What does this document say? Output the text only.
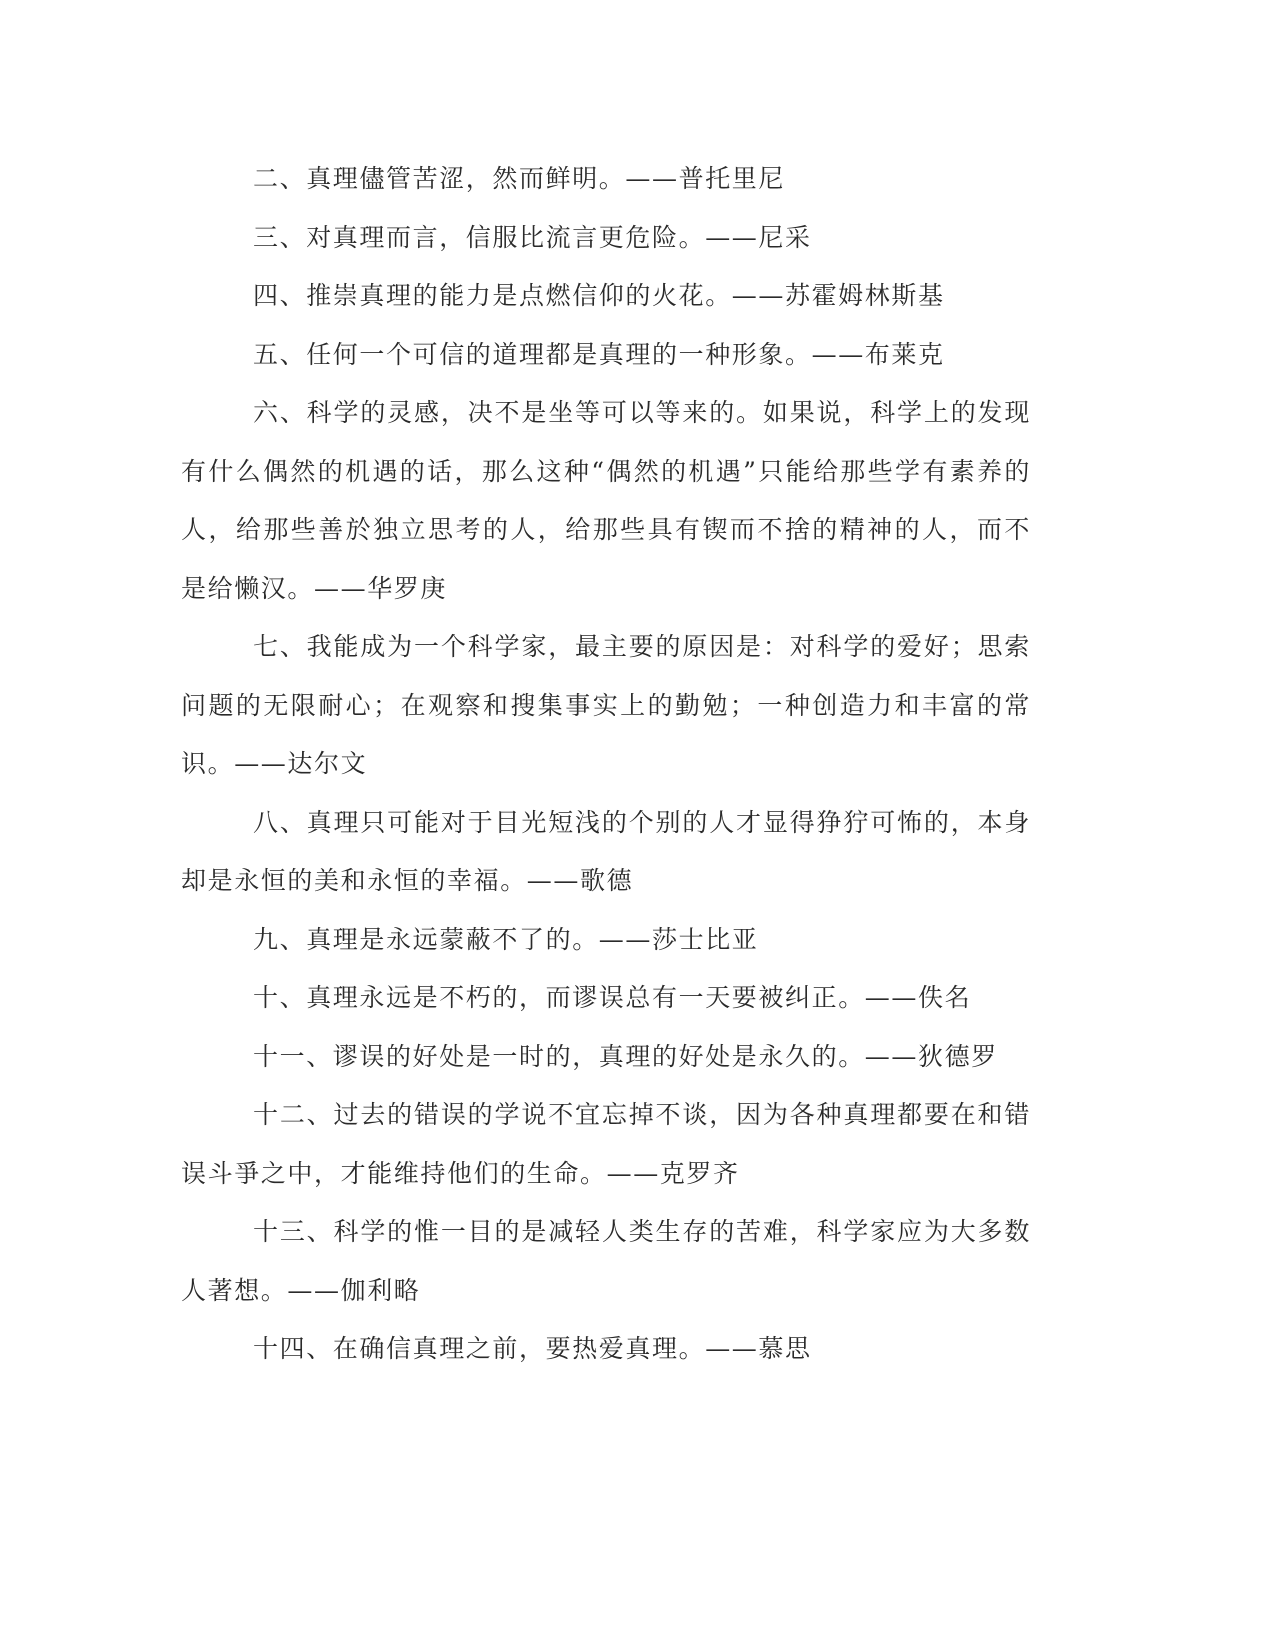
二、真理儘管苦涩，然而鲜明。——普托里尼

三、对真理而言，信服比流言更危险。——尼采

四、推崇真理的能力是点燃信仰的火花。——苏霍姆林斯基

五、任何一个可信的道理都是真理的一种形象。——布莱克

六、科学的灵感，决不是坐等可以等来的。如果说，科学上的发现有什么偶然的机遇的话，那么这种“偶然的机遇”只能给那些学有素养的人，给那些善於独立思考的人，给那些具有锲而不捨的精神的人，而不是给懒汉。——华罗庚

七、我能成为一个科学家，最主要的原因是：对科学的爱好；思索问题的无限耐心；在观察和搜集事实上的勤勉；一种创造力和丰富的常识。——达尔文

八、真理只可能对于目光短浅的个别的人才显得狰狞可怖的，本身却是永恒的美和永恒的幸福。——歌德

九、真理是永远蒙蔽不了的。——莎士比亚

十、真理永远是不朽的，而谬误总有一天要被纠正。——佚名

十一、谬误的好处是一时的，真理的好处是永久的。——狄德罗

十二、过去的错误的学说不宜忘掉不谈，因为各种真理都要在和错误斗爭之中，才能维持他们的生命。——克罗齐

十三、科学的惟一目的是减轻人类生存的苦难，科学家应为大多数人著想。——伽利略

十四、在确信真理之前，要热爱真理。——慕思
